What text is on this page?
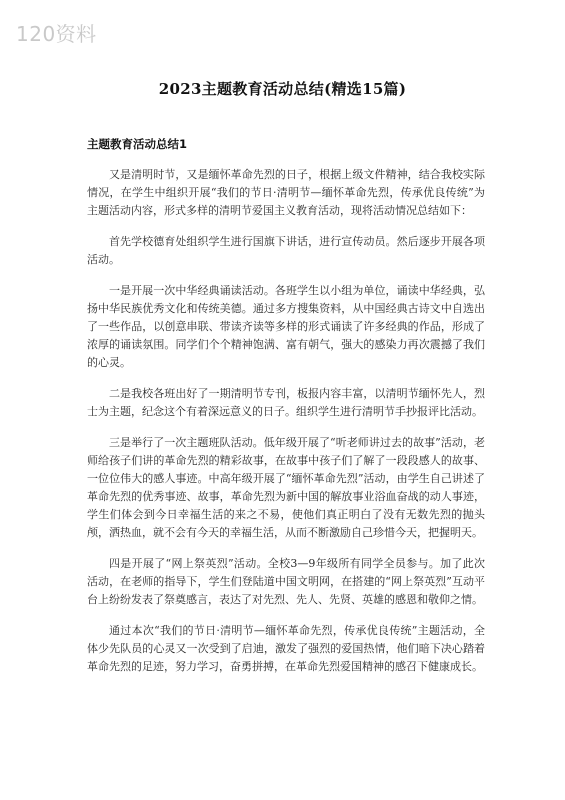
120资料
2023主题教育活动总结(精选15篇)
主题教育活动总结1

又是清明时节，又是缅怀革命先烈的日子，根据上级文件精神，结合我校实际情况，在学生中组织开展“我们的节日·清明节—缅怀革命先烈，传承优良传统”为主题活动内容，形式多样的清明节爱国主义教育活动，现将活动情况总结如下：

首先学校德育处组织学生进行国旗下讲话，进行宣传动员。然后逐步开展各项活动。

一是开展一次中华经典诵读活动。各班学生以小组为单位，诵读中华经典，弘扬中华民族优秀文化和传统美德。通过多方搜集资料，从中国经典古诗文中自选出了一些作品，以创意串联、带读齐读等多样的形式诵读了许多经典的作品，形成了浓厚的诵读氛围。同学们个个精神饱满、富有朝气，强大的感染力再次震撼了我们的心灵。

二是我校各班出好了一期清明节专刊，板报内容丰富，以清明节缅怀先人，烈士为主题，纪念这个有着深远意义的日子。组织学生进行清明节手抄报评比活动。

三是举行了一次主题班队活动。低年级开展了“听老师讲过去的故事”活动，老师给孩子们讲的革命先烈的精彩故事，在故事中孩子们了解了一段段感人的故事、一位位伟大的感人事迹。中高年级开展了“缅怀革命先烈”活动，由学生自己讲述了革命先烈的优秀事迹、故事，革命先烈为新中国的解放事业浴血奋战的动人事迹，学生们体会到今日幸福生活的来之不易，使他们真正明白了没有无数先烈的抛头颅，洒热血，就不会有今天的幸福生活，从而不断激励自己珍惜今天，把握明天。

四是开展了“网上祭英烈”活动。全校3—9年级所有同学全员参与。加了此次活动，在老师的指导下，学生们登陆道中国文明网，在搭建的“网上祭英烈”互动平台上纷纷发表了祭奠感言，表达了对先烈、先人、先贤、英雄的感恩和敬仰之情。

通过本次“我们的节日·清明节—缅怀革命先烈，传承优良传统”主题活动，全体少先队员的心灵又一次受到了启迪，激发了强烈的爱国热情，他们暗下决心踏着革命先烈的足迹，努力学习，奋勇拼搏，在革命先烈爱国精神的感召下健康成长。
